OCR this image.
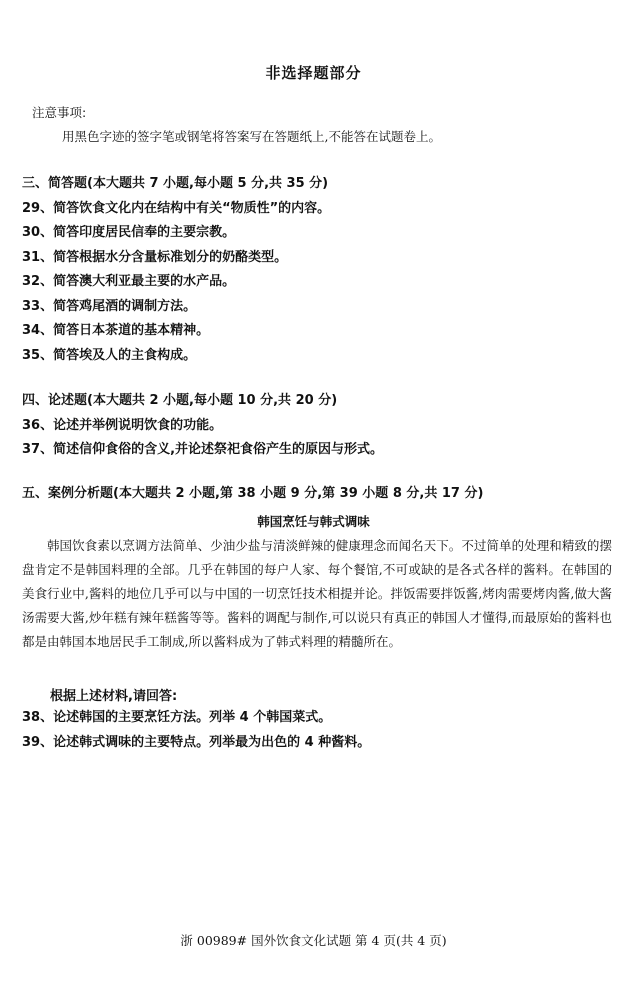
非选择题部分
注意事项:
用黑色字迹的签字笔或钢笔将答案写在答题纸上,不能答在试题卷上。
三、简答题(本大题共 7 小题,每小题 5 分,共 35 分)
29、简答饮食文化内在结构中有关“物质性”的内容。
30、简答印度居民信奉的主要宗教。
31、简答根据水分含量标准划分的奶酪类型。
32、简答澳大利亚最主要的水产品。
33、简答鸡尾酒的调制方法。
34、简答日本茶道的基本精神。
35、简答埃及人的主食构成。
四、论述题(本大题共 2 小题,每小题 10 分,共 20 分)
36、论述并举例说明饮食的功能。
37、简述信仰食俗的含义,并论述祭祀食俗产生的原因与形式。
五、案例分析题(本大题共 2 小题,第 38 小题 9 分,第 39 小题 8 分,共 17 分)
韩国烹饪与韩式调味
韩国饮食素以烹调方法简单、少油少盐与清淡鲜辣的健康理念而闻名天下。不过简单的处理和精致的摆盘肯定不是韩国料理的全部。几乎在韩国的每户人家、每个餐馆,不可或缺的是各式各样的酱料。在韩国的美食行业中,酱料的地位几乎可以与中国的一切烹饪技术相提并论。拌饭需要拌饭酱,烤肉需要烤肉酱,做大酱汤需要大酱,炒年糕有辣年糕酱等等。酱料的调配与制作,可以说只有真正的韩国人才懂得,而最原始的酱料也都是由韩国本地居民手工制成,所以酱料成为了韩式料理的精髓所在。
根据上述材料,请回答:
38、论述韩国的主要烹饪方法。列举 4 个韩国菜式。
39、论述韩式调味的主要特点。列举最为出色的 4 种酱料。
浙 00989# 国外饮食文化试题 第 4 页(共 4 页)
